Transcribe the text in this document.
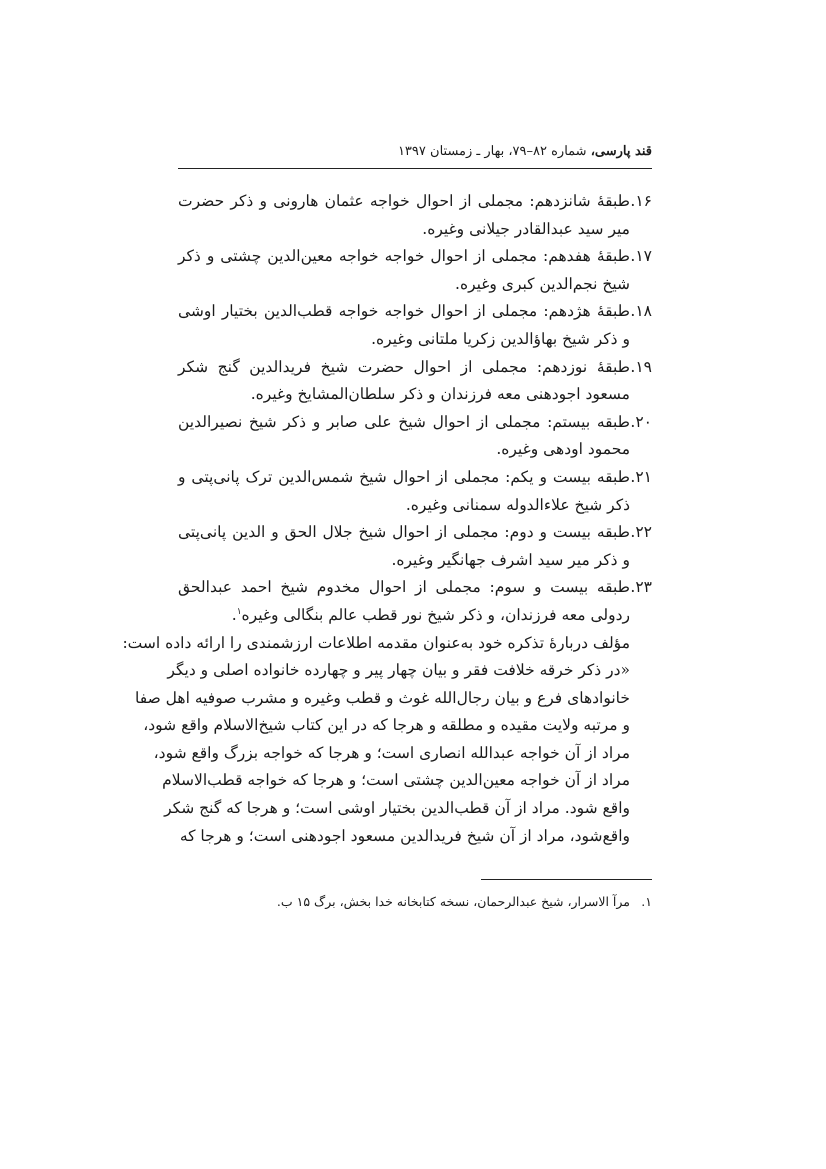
قند پارسی، شماره ۸۲–۷۹، بهار ـ زمستان ۱۳۹۷

۱۶.
طبقۀ شانزدهم: مجملی از احوال خواجه عثمان هارونی و ذکر حضرت میر سید عبدالقادر جیلانی وغیره.

۱۷.
طبقۀ هفدهم: مجملی از احوال خواجه خواجه معین‌الدین چشتی و ذکر شیخ نجم‌الدین کبری وغیره.

۱۸.
طبقۀ هژدهم: مجملی از احوال خواجه خواجه قطب‌الدین بختیار اوشی و ذکر شیخ بهاؤالدین زکریا ملتانی وغیره.

۱۹.
طبقۀ نوزدهم: مجملی از احوال حضرت شیخ فریدالدین گنج شکر مسعود اجودهنی معه فرزندان و ذکر سلطان‌المشایخ وغیره.

۲۰.
طبقه بیستم: مجملی از احوال شیخ علی صابر و ذکر شیخ نصیرالدین محمود اودهی وغیره.

۲۱.
طبقه بیست و یکم: مجملی از احوال شیخ شمس‌الدین ترک پانی‌پتی و ذکر شیخ علاءالدوله سمنانی وغیره.

۲۲.
طبقه بیست و دوم: مجملی از احوال شیخ جلال الحق و الدین پانی‌پتی و ذکر میر سید اشرف جهانگیر وغیره.

۲۳.
طبقه بیست و سوم: مجملی از احوال مخدوم شیخ احمد عبدالحق ردولی معه فرزندان، و ذکر شیخ نور قطب عالم بنگالی وغیره$^۱$.

مؤلف دربارۀ تذکره خود به‌عنوان مقدمه اطلاعات ارزشمندی را ارائه داده است:

«در ذکر خرقه خلافت فقر و بیان چهار پیر و چهارده خانواده اصلی و دیگر
خانوادهای فرع و بیان رجال‌الله غوث و قطب وغیره و مشرب صوفیه اهل صفا
و مرتبه ولایت مقیده و مطلقه و هرجا که در این کتاب شیخ‌الاسلام واقع شود،
مراد از آن خواجه عبدالله انصاری است؛ و هرجا که خواجه بزرگ واقع شود،
مراد از آن خواجه معین‌الدین چشتی است؛ و هرجا که خواجه قطب‌الاسلام
واقع شود. مراد از آن قطب‌الدین بختیار اوشی است؛ و هرجا که گنج شکر
واقع‌شود، مراد از آن شیخ فریدالدین مسعود اجودهنی است؛ و هرجا که

۱.مرآ الاسرار، شیخ عبدالرحمان، نسخه کتابخانه خدا بخش، برگ ۱۵ ب.
